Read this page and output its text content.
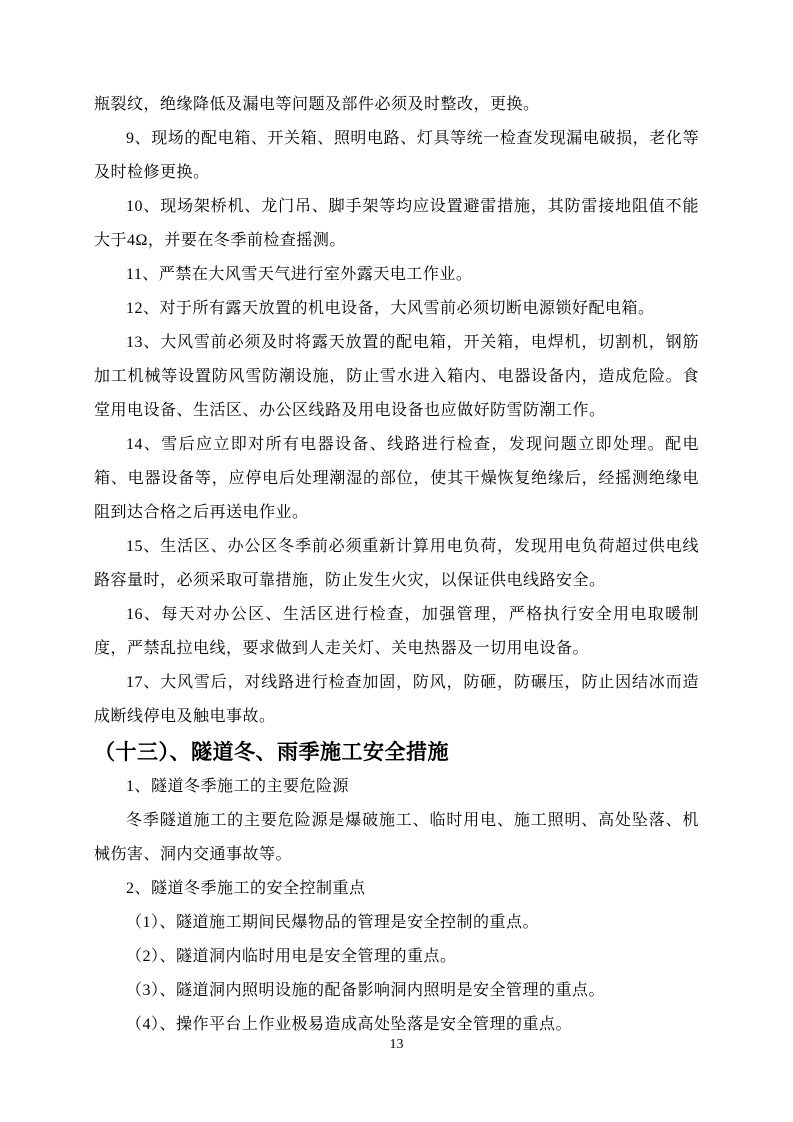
瓶裂纹，绝缘降低及漏电等问题及部件必须及时整改，更换。

9、现场的配电箱、开关箱、照明电路、灯具等统一检查发现漏电破损，老化等及时检修更换。

10、现场架桥机、龙门吊、脚手架等均应设置避雷措施，其防雷接地阻值不能大于4Ω，并要在冬季前检查摇测。

11、严禁在大风雪天气进行室外露天电工作业。

12、对于所有露天放置的机电设备，大风雪前必须切断电源锁好配电箱。

13、大风雪前必须及时将露天放置的配电箱，开关箱，电焊机，切割机，钢筋加工机械等设置防风雪防潮设施，防止雪水进入箱内、电器设备内，造成危险。食堂用电设备、生活区、办公区线路及用电设备也应做好防雪防潮工作。

14、雪后应立即对所有电器设备、线路进行检查，发现问题立即处理。配电箱、电器设备等，应停电后处理潮湿的部位，使其干燥恢复绝缘后，经摇测绝缘电阻到达合格之后再送电作业。

15、生活区、办公区冬季前必须重新计算用电负荷，发现用电负荷超过供电线路容量时，必须采取可靠措施，防止发生火灾，以保证供电线路安全。

16、每天对办公区、生活区进行检查，加强管理，严格执行安全用电取暖制度，严禁乱拉电线，要求做到人走关灯、关电热器及一切用电设备。

17、大风雪后，对线路进行检查加固，防风，防砸，防碾压，防止因结冰而造成断线停电及触电事故。

（十三）、隧道冬、雨季施工安全措施

1、隧道冬季施工的主要危险源

冬季隧道施工的主要危险源是爆破施工、临时用电、施工照明、高处坠落、机械伤害、洞内交通事故等。

2、隧道冬季施工的安全控制重点

（1）、隧道施工期间民爆物品的管理是安全控制的重点。

（2）、隧道洞内临时用电是安全管理的重点。

（3）、隧道洞内照明设施的配备影响洞内照明是安全管理的重点。

（4）、操作平台上作业极易造成高处坠落是安全管理的重点。

13
